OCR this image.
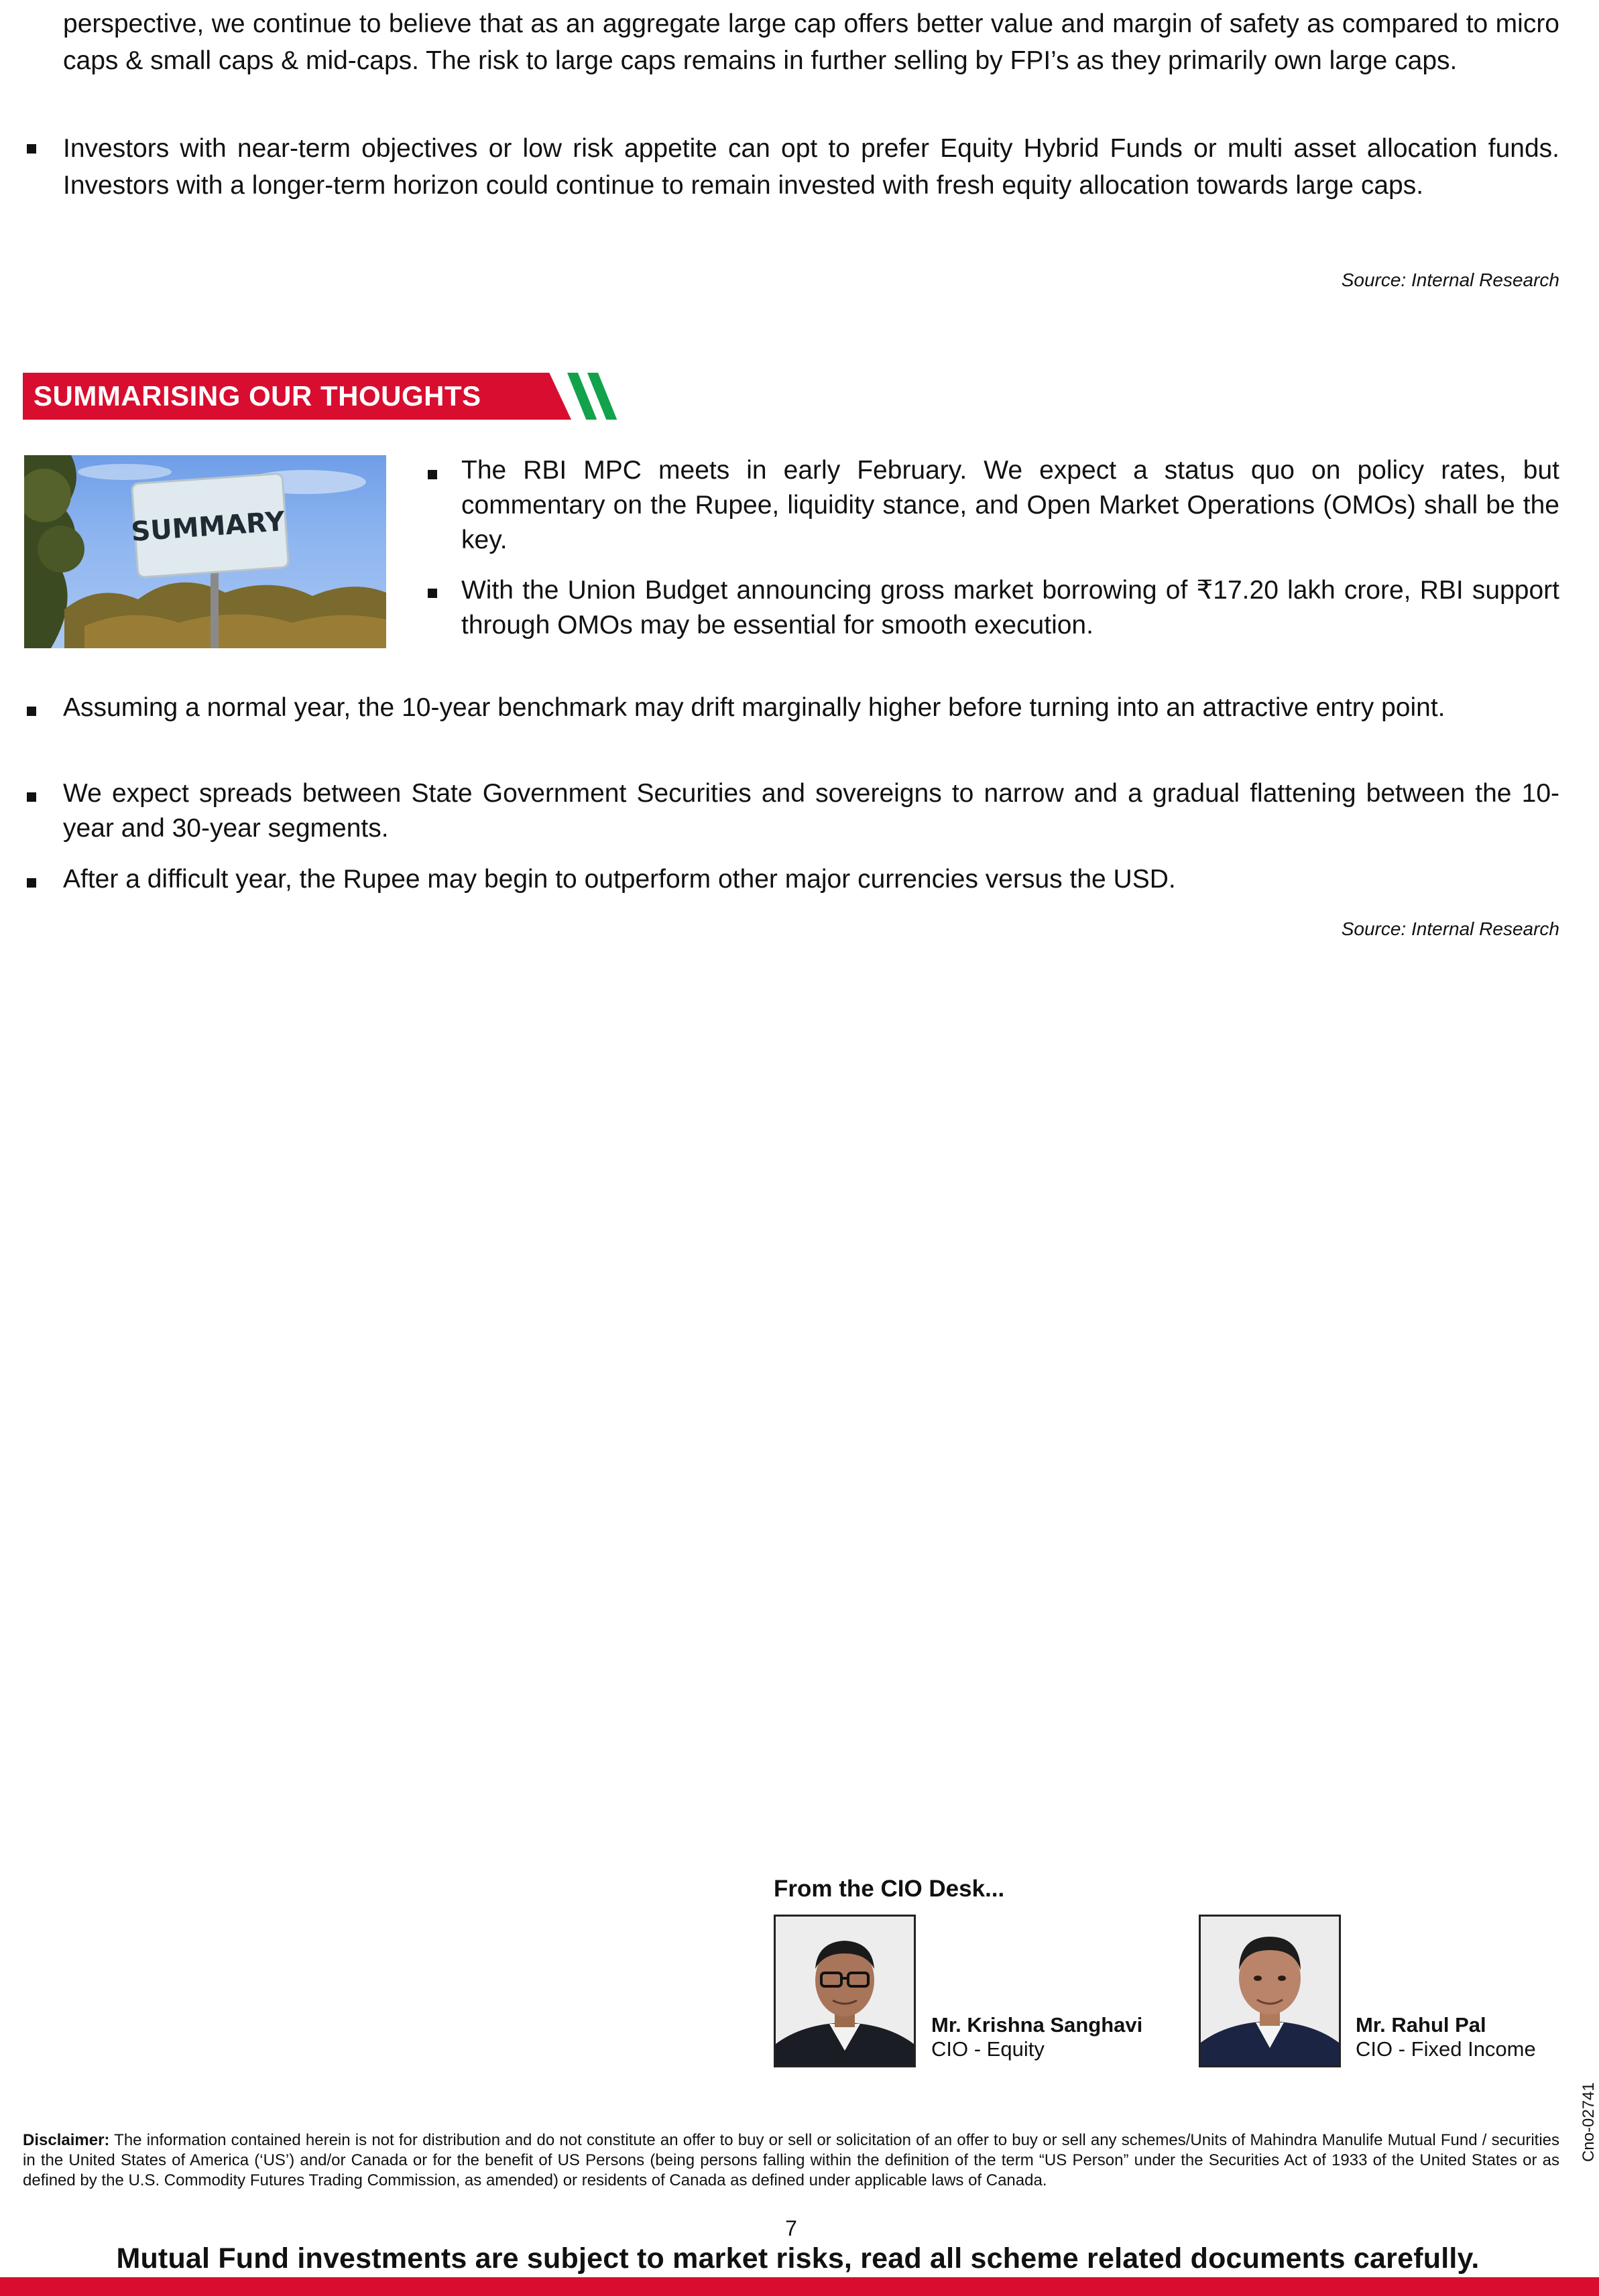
perspective, we continue to believe that as an aggregate large cap offers better value and margin of safety as compared to micro caps & small caps & mid-caps. The risk to large caps remains in further selling by FPI’s as they primarily own large caps.

Investors with near-term objectives or low risk appetite can opt to prefer Equity Hybrid Funds or multi asset allocation funds. Investors with a longer-term horizon could continue to remain invested with fresh equity allocation towards large caps.

Source: Internal Research
SUMMARISING OUR THOUGHTS
SUMMARY

The RBI MPC meets in early February. We expect a status quo on policy rates, but commentary on the Rupee, liquidity stance, and Open Market Operations (OMOs) shall be the key.

With the Union Budget announcing gross market borrowing of ₹17.20 lakh crore, RBI support through OMOs may be essential for smooth execution.

Assuming a normal year, the 10-year benchmark may drift marginally higher before turning into an attractive entry point.

We expect spreads between State Government Securities and sovereigns to narrow and a gradual flattening between the 10-year and 30-year segments.

After a difficult year, the Rupee may begin to outperform other major currencies versus the USD.

Source: Internal Research
From the CIO Desk...
Mr. Krishna Sanghavi
CIO - Equity
Mr. Rahul Pal
CIO - Fixed Income
Disclaimer: The information contained herein is not for distribution and do not constitute an offer to buy or sell or solicitation of an offer to buy or sell any schemes/Units of Mahindra Manulife Mutual Fund / securities in the United States of America (‘US’) and/or Canada or for the benefit of US Persons (being persons falling within the definition of the term “US Person” under the Securities Act of 1933 of the United States or as defined by the U.S. Commodity Futures Trading Commission, as amended) or residents of Canada as defined under applicable laws of Canada.
7
Mutual Fund investments are subject to market risks, read all scheme related documents carefully.
Cno-02741
